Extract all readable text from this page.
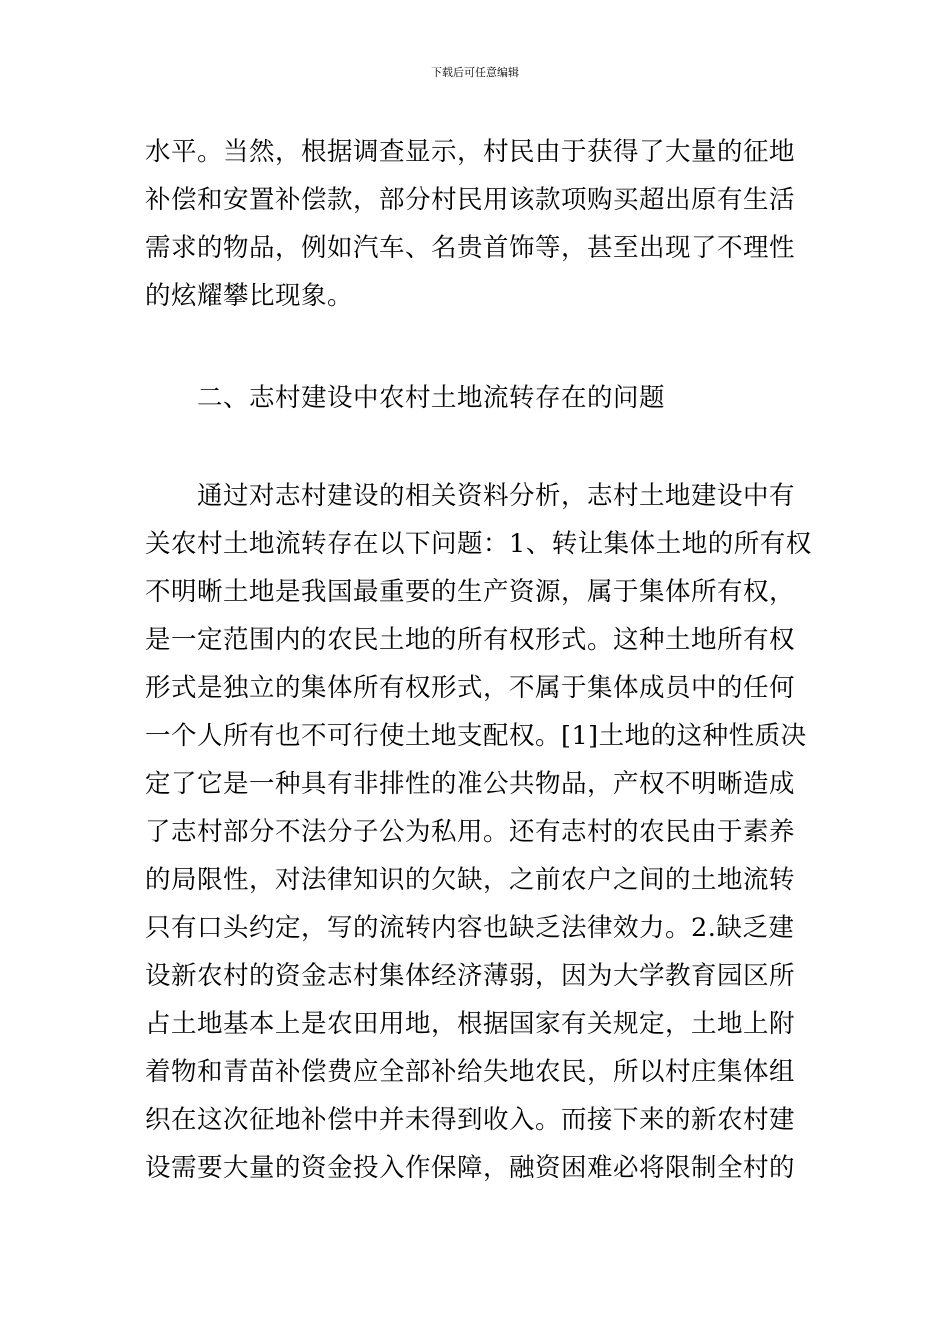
下载后可任意编辑
水平。当然，根据调查显示，村民由于获得了大量的征地
补偿和安置补偿款，部分村民用该款项购买超出原有生活
需求的物品，例如汽车、名贵首饰等，甚至出现了不理性
的炫耀攀比现象。
　　二、志村建设中农村土地流转存在的问题
　　通过对志村建设的相关资料分析，志村土地建设中有
关农村土地流转存在以下问题：1、转让集体土地的所有权
不明晰土地是我国最重要的生产资源，属于集体所有权，
是一定范围内的农民土地的所有权形式。这种土地所有权
形式是独立的集体所有权形式，不属于集体成员中的任何
一个人所有也不可行使土地支配权。[1]土地的这种性质决
定了它是一种具有非排性的准公共物品，产权不明晰造成
了志村部分不法分子公为私用。还有志村的农民由于素养
的局限性，对法律知识的欠缺，之前农户之间的土地流转
只有口头约定，写的流转内容也缺乏法律效力。2.缺乏建
设新农村的资金志村集体经济薄弱，因为大学教育园区所
占土地基本上是农田用地，根据国家有关规定，土地上附
着物和青苗补偿费应全部补给失地农民，所以村庄集体组
织在这次征地补偿中并未得到收入。而接下来的新农村建
设需要大量的资金投入作保障，融资困难必将限制全村的
